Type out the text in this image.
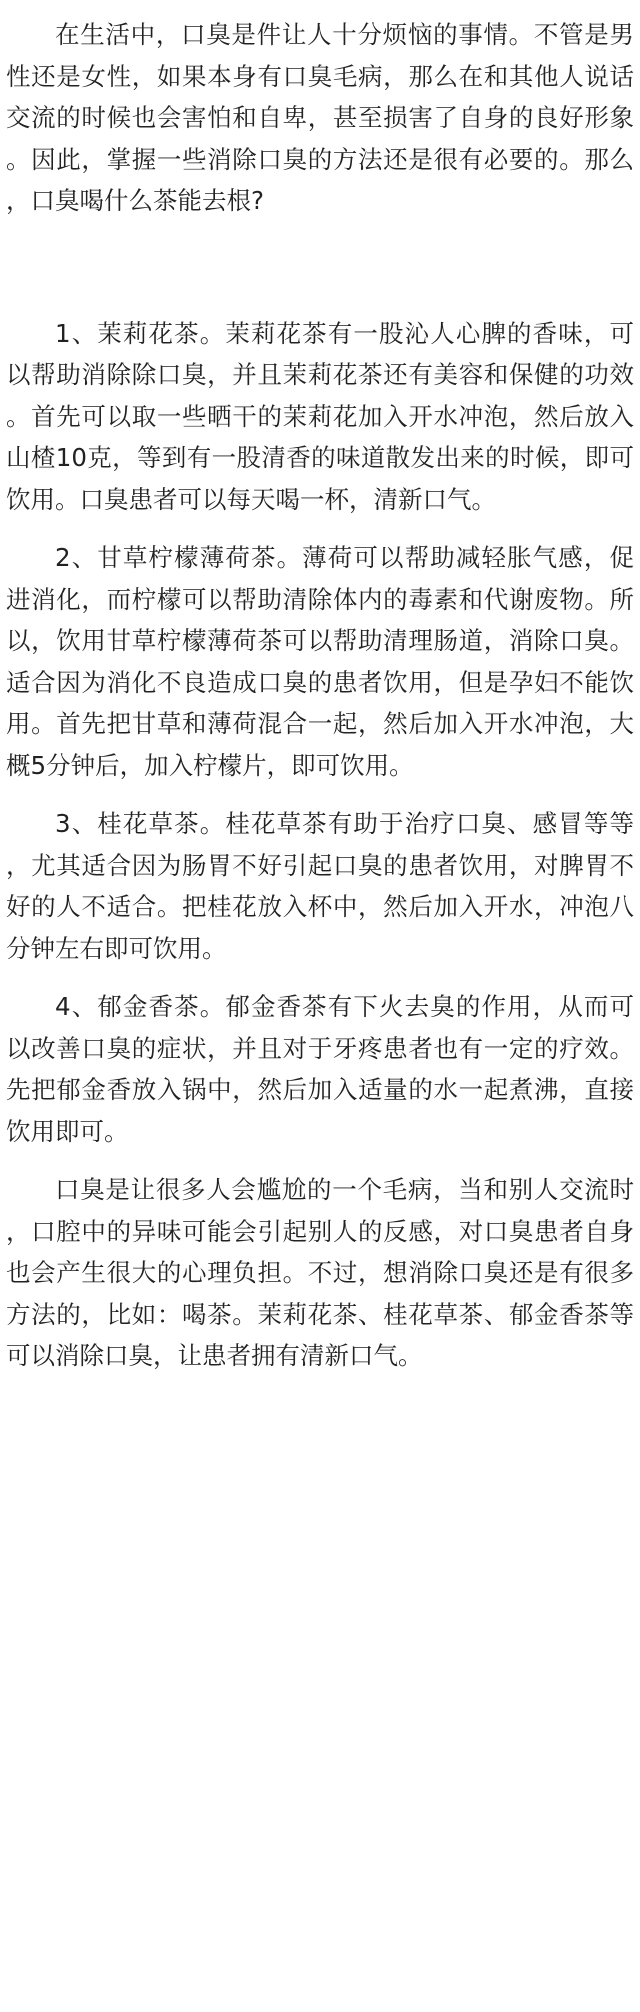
在生活中，口臭是件让人十分烦恼的事情。不管是男性还是女性，如果本身有口臭毛病，那么在和其他人说话交流的时候也会害怕和自卑，甚至损害了自身的良好形象。因此，掌握一些消除口臭的方法还是很有必要的。那么，口臭喝什么茶能去根?

1、茉莉花茶。茉莉花茶有一股沁人心脾的香味，可以帮助消除除口臭，并且茉莉花茶还有美容和保健的功效。首先可以取一些晒干的茉莉花加入开水冲泡，然后放入山楂10克，等到有一股清香的味道散发出来的时候，即可饮用。口臭患者可以每天喝一杯，清新口气。

2、甘草柠檬薄荷茶。薄荷可以帮助减轻胀气感，促进消化，而柠檬可以帮助清除体内的毒素和代谢废物。所以，饮用甘草柠檬薄荷茶可以帮助清理肠道，消除口臭。适合因为消化不良造成口臭的患者饮用，但是孕妇不能饮用。首先把甘草和薄荷混合一起，然后加入开水冲泡，大概5分钟后，加入柠檬片，即可饮用。

3、桂花草茶。桂花草茶有助于治疗口臭、感冒等等，尤其适合因为肠胃不好引起口臭的患者饮用，对脾胃不好的人不适合。把桂花放入杯中，然后加入开水，冲泡八分钟左右即可饮用。

4、郁金香茶。郁金香茶有下火去臭的作用，从而可以改善口臭的症状，并且对于牙疼患者也有一定的疗效。先把郁金香放入锅中，然后加入适量的水一起煮沸，直接饮用即可。

口臭是让很多人会尴尬的一个毛病，当和别人交流时，口腔中的异味可能会引起别人的反感，对口臭患者自身也会产生很大的心理负担。不过，想消除口臭还是有很多方法的，比如：喝茶。茉莉花茶、桂花草茶、郁金香茶等可以消除口臭，让患者拥有清新口气。
